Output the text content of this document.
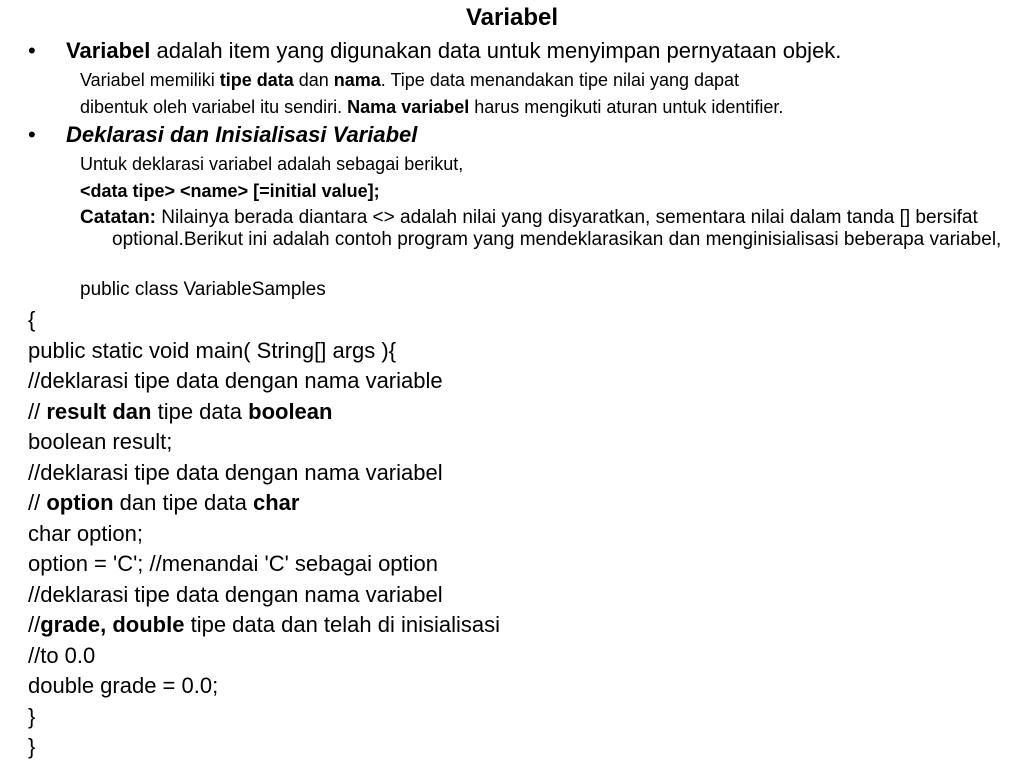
Variabel
• Variabel adalah item yang digunakan data untuk menyimpan pernyataan objek.
Variabel memiliki tipe data dan nama. Tipe data menandakan tipe nilai yang dapat
dibentuk oleh variabel itu sendiri. Nama variabel harus mengikuti aturan untuk identifier.
• Deklarasi dan Inisialisasi Variabel
Untuk deklarasi variabel adalah sebagai berikut,
<data tipe> <name> [=initial value];
Catatan: Nilainya berada diantara <> adalah nilai yang disyaratkan, sementara nilai dalam tanda [] bersifat optional.Berikut ini adalah contoh program yang mendeklarasikan dan menginisialisasi beberapa variabel,
public class VariableSamples
{
public static void main( String[] args ){
//deklarasi tipe data dengan nama variable
// result dan tipe data boolean
boolean result;
//deklarasi tipe data dengan nama variabel
// option dan tipe data char
char option;
option = 'C'; //menandai 'C' sebagai option
//deklarasi tipe data dengan nama variabel
//grade, double tipe data dan telah di inisialisasi
//to 0.0
double grade = 0.0;
}
}
